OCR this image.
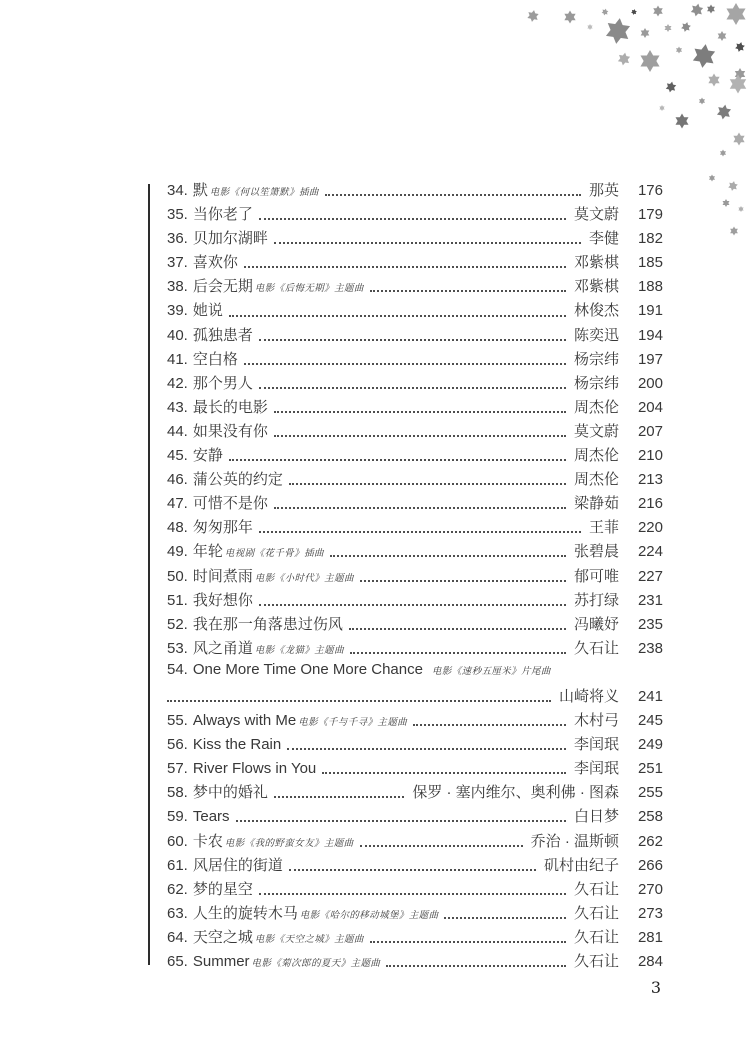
34. 默 电影《何以笙箫默》插曲	那英	176
35. 当你老了	莫文蔚	179
36. 贝加尔湖畔	李健	182
37. 喜欢你	邓紫棋	185
38. 后会无期 电影《后悔无期》主题曲	邓紫棋	188
39. 她说	林俊杰	191
40. 孤独患者	陈奕迅	194
41. 空白格	杨宗纬	197
42. 那个男人	杨宗纬	200
43. 最长的电影	周杰伦	204
44. 如果没有你	莫文蔚	207
45. 安静	周杰伦	210
46. 蒲公英的约定	周杰伦	213
47. 可惜不是你	梁静茹	216
48. 匆匆那年	王菲	220
49. 年轮 电视剧《花千骨》插曲	张碧晨	224
50. 时间煮雨 电影《小时代》主题曲	郁可唯	227
51. 我好想你	苏打绿	231
52. 我在那一角落患过伤风	冯曦妤	235
53. 风之甬道 电影《龙猫》主题曲	久石让	238
54. One More Time One More Chance 电影《速秒五厘米》片尾曲
山崎将义	241
55. Always with Me 电影《千与千寻》主题曲	木村弓	245
56. Kiss the Rain	李闰珉	249
57. River Flows in You	李闰珉	251
58. 梦中的婚礼	保罗 · 塞内维尔、奥利佛 · 图森	255
59. Tears	白日梦	258
60. 卡农 电影《我的野蛮女友》主题曲	乔治 · 温斯顿	262
61. 风居住的街道	矶村由纪子	266
62. 梦的星空	久石让	270
63. 人生的旋转木马 电影《哈尔的移动城堡》主题曲	久石让	273
64. 天空之城 电影《天空之城》主题曲	久石让	281
65. Summer 电影《菊次郎的夏天》主题曲	久石让	284
3
